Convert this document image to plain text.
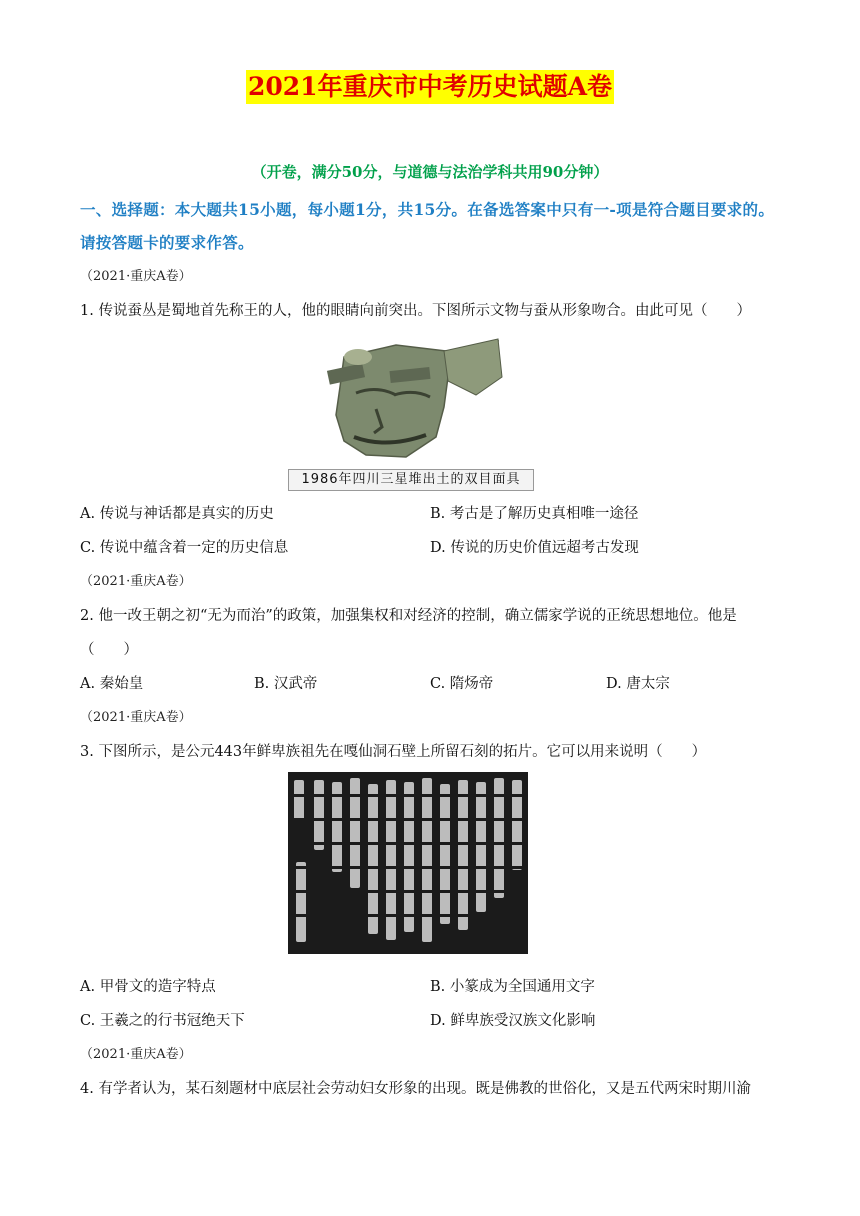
2021年重庆市中考历史试题A卷
（开卷，满分50分，与道德与法治学科共用90分钟）
一、选择题：本大题共15小题，每小题1分，共15分。在备选答案中只有一-项是符合题目要求的。请按答题卡的要求作答。
（2021·重庆A卷）
1. 传说蚕丛是蜀地首先称王的人，他的眼睛向前突出。下图所示文物与蚕从形象吻合。由此可见（　　）
1986年四川三星堆出土的双目面具
A. 传说与神话都是真实的历史	B. 考古是了解历史真相唯一途径
C. 传说中蕴含着一定的历史信息	D. 传说的历史价值远超考古发现
（2021·重庆A卷）
2. 他一改王朝之初“无为而治”的政策，加强集权和对经济的控制，确立儒家学说的正统思想地位。他是
（　　）
A. 秦始皇	B. 汉武帝	C. 隋炀帝	D. 唐太宗
（2021·重庆A卷）
3. 下图所示，是公元443年鲜卑族祖先在嘎仙洞石壁上所留石刻的拓片。它可以用来说明（　　）
A. 甲骨文的造字特点	B. 小篆成为全国通用文字
C. 王羲之的行书冠绝天下	D. 鲜卑族受汉族文化影响
（2021·重庆A卷）
4. 有学者认为，某石刻题材中底层社会劳动妇女形象的出现。既是佛教的世俗化，又是五代两宋时期川渝
